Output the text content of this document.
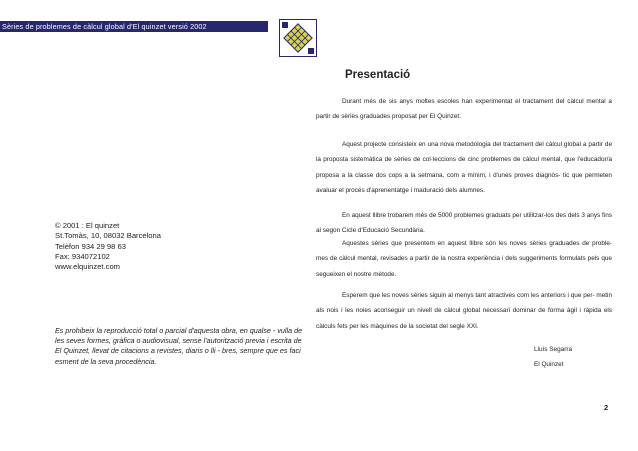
Sèries de problemes de càlcul global d'El quinzet versió 2002
Presentació

Durant més de sis anys moltes escoles han experimentat el tractament del càlcul mental a partir de sèries graduades proposat per El Quinzet.

Aquest projecte consisteix en una nova metodologia del tractament del càlcul global a partir de la proposta sistemàtica de sèries de col·leccions de cinc problemes de càlcul mental, que l'educador/a proposa a la classe dos cops a la setmana, com a mínim, i d'unes proves diagnòs- tic que permeten avaluar el procés d'aprenentatge i maduració dels alumnes.

En aquest llibre trobarem més de 5000 problemes graduats per utilitzar-los des dels 3 anys fins al segon Cicle d'Educació Secundària.

Aquestes sèries que presentem en aquest llibre són les noves sèries graduades de proble- mes de càlcul mental, revisades a partir de la nostra experiència i dels suggeriments formulats pels que segueixen el nostre mètode.

Esperem que les noves sèries siguin al menys tant atractives com les anteriors i que per- metin als nois i les noies aconseguir un nivell de càlcul global necessari dominar de forma àgil i ràpida els càlculs fets per les màquines de la societat del segle XXI.

Lluís Segarra
El Quinzet
© 2001 : El quinzet
St.Tomàs, 10, 08032 Barcelona
Telèfon 934 29 98 63
Fax: 934072102
www.elquinzet.com
Es prohibeix la reproducció total o parcial d'aquesta obra, en qualse - vulla de les seves formes, gràfica o audiovisual, sense l'autorització previa i escrita de El Quinzet, llevat de citacions a revistes, diaris o lli - bres, sempre que es faci esment de la seva procedència.
2
